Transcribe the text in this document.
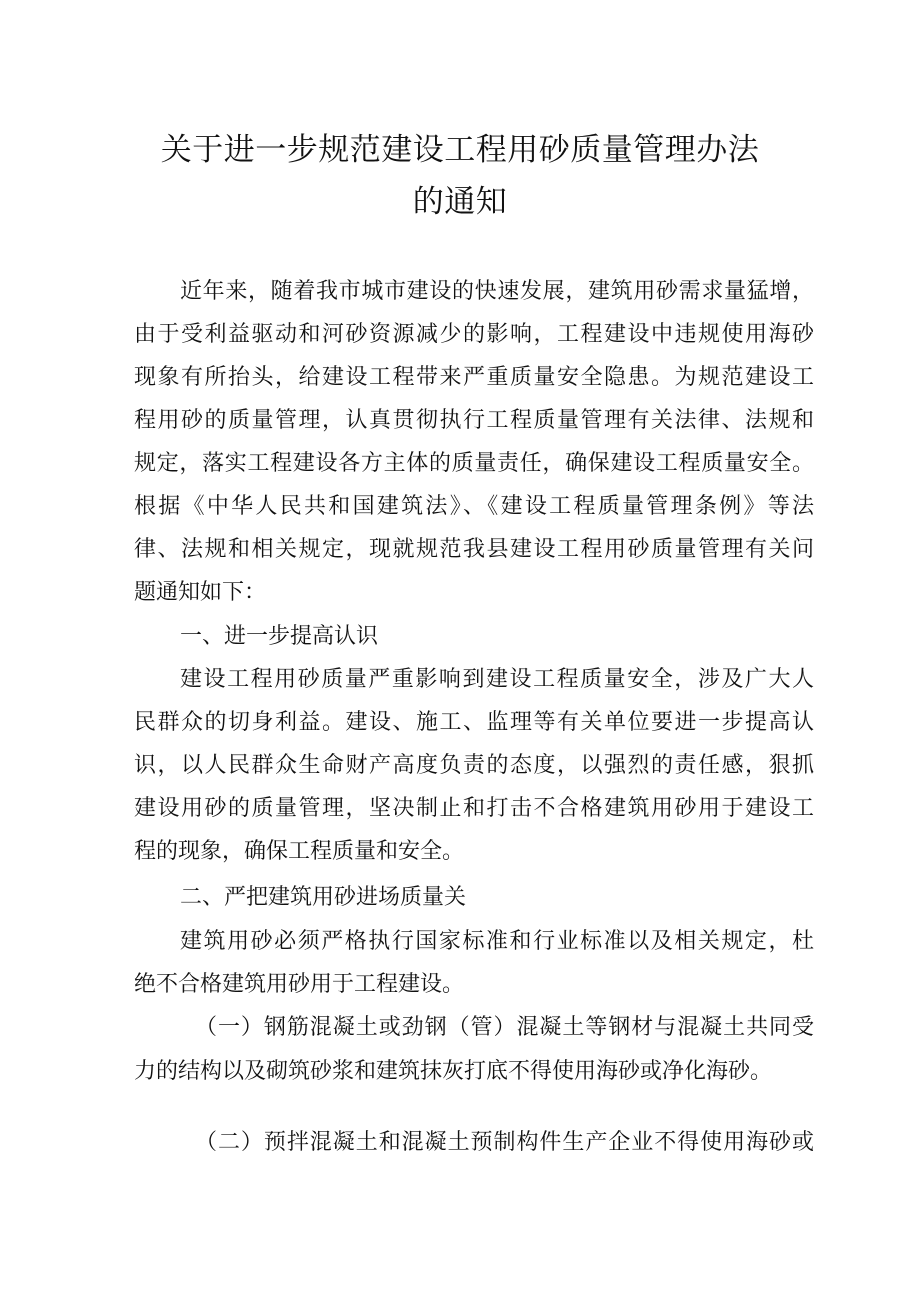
关于进一步规范建设工程用砂质量管理办法
的通知
近年来，随着我市城市建设的快速发展，建筑用砂需求量猛增，
由于受利益驱动和河砂资源减少的影响，工程建设中违规使用海砂
现象有所抬头，给建设工程带来严重质量安全隐患。为规范建设工
程用砂的质量管理，认真贯彻执行工程质量管理有关法律、法规和
规定，落实工程建设各方主体的质量责任，确保建设工程质量安全。
根据《中华人民共和国建筑法》、《建设工程质量管理条例》等法
律、法规和相关规定，现就规范我县建设工程用砂质量管理有关问
题通知如下：
一、进一步提高认识
建设工程用砂质量严重影响到建设工程质量安全，涉及广大人
民群众的切身利益。建设、施工、监理等有关单位要进一步提高认
识，以人民群众生命财产高度负责的态度，以强烈的责任感，狠抓
建设用砂的质量管理，坚决制止和打击不合格建筑用砂用于建设工
程的现象，确保工程质量和安全。
二、严把建筑用砂进场质量关
建筑用砂必须严格执行国家标准和行业标准以及相关规定，杜
绝不合格建筑用砂用于工程建设。
（一）钢筋混凝土或劲钢（管）混凝土等钢材与混凝土共同受
力的结构以及砌筑砂浆和建筑抹灰打底不得使用海砂或净化海砂。
（二）预拌混凝土和混凝土预制构件生产企业不得使用海砂或
